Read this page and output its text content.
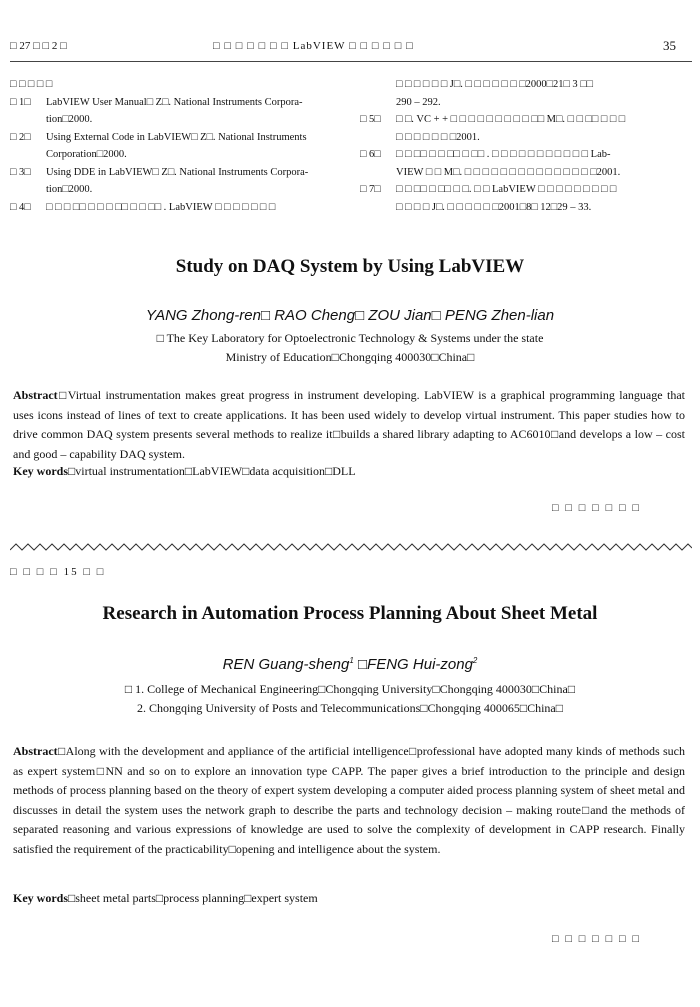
□ 27 □ □ 2 □	□ □ □ □ □ □ □ LabVIEW □ □ □ □ □ □	35
□ □ □ □ □
□ 1□	LabVIEW User Manual□ Z□. National Instruments Corpora-
tion□2000.
□ 2□	Using External Code in LabVIEW□ Z□. National Instruments
Corporation□2000.
□ 3□	Using DDE in LabVIEW□ Z□. National Instruments Corpora-
tion□2000.
□ 4□	□ □ □ □□ □ □ □ □□ □ □ □□ . LabVIEW □ □ □ □ □ □ □
□ □ □ □ □ □ J□. □ □ □ □ □ □ □2000□21□ 3 □□
290 – 292.
□ 5□	□ □. VC + + □ □ □ □ □ □ □ □ □ □□ M□. □ □ □□ □ □ □
□ □ □ □ □ □ □2001.
□ 6□	□ □ □□ □ □ □□ □ □□ . □ □ □ □ □ □ □ □ □ □ □ Lab-
VIEW □ □ M□. □ □ □ □ □ □ □ □ □ □ □ □ □ □ □2001.
□ 7□	□ □ □□ □ □□ □ □. □ □ LabVIEW □ □ □ □ □ □ □ □ □
□ □ □ □ J□. □ □ □ □ □ □2001□8□ 12□29 – 33.
Study on DAQ System by Using LabVIEW
YANG Zhong-ren□ RAO Cheng□ ZOU Jian□ PENG Zhen-lian
□ The Key Laboratory for Optoelectronic Technology & Systems under the state
Ministry of Education□Chongqing 400030□China□
Abstract□Virtual instrumentation makes great progress in instrument developing. LabVIEW is a graphical programming language that uses icons instead of lines of text to create applications. It has been used widely to develop virtual instrument. This paper studies how to drive common DAQ system presents several methods to realize it□builds a shared library adapting to AC6010□and develops a low – cost and good – capability DAQ system.
Key words□virtual instrumentation□LabVIEW□data acquisition□DLL
□ □ □ □ □ □ □
□ □ □ □ 15 □ □
Research in Automation Process Planning About Sheet Metal
REN Guang-sheng$^1$ □FENG Hui-zong$^2$
□ 1. College of Mechanical Engineering□Chongqing University□Chongqing 400030□China□
2. Chongqing University of Posts and Telecommunications□Chongqing 400065□China□
Abstract□Along with the development and appliance of the artificial intelligence□professional have adopted many kinds of methods such as expert system□NN and so on to explore an innovation type CAPP. The paper gives a brief introduction to the principle and design methods of process planning based on the theory of expert system developing a computer aided process planning system of sheet metal and discusses in detail the system uses the network graph to describe the parts and technology decision – making route□and the methods of separated reasoning and various expressions of knowledge are used to solve the complexity of development in CAPP research. Finally satisfied the requirement of the practicability□opening and intelligence about the system.
Key words□sheet metal parts□process planning□expert system
□ □ □ □ □ □ □
